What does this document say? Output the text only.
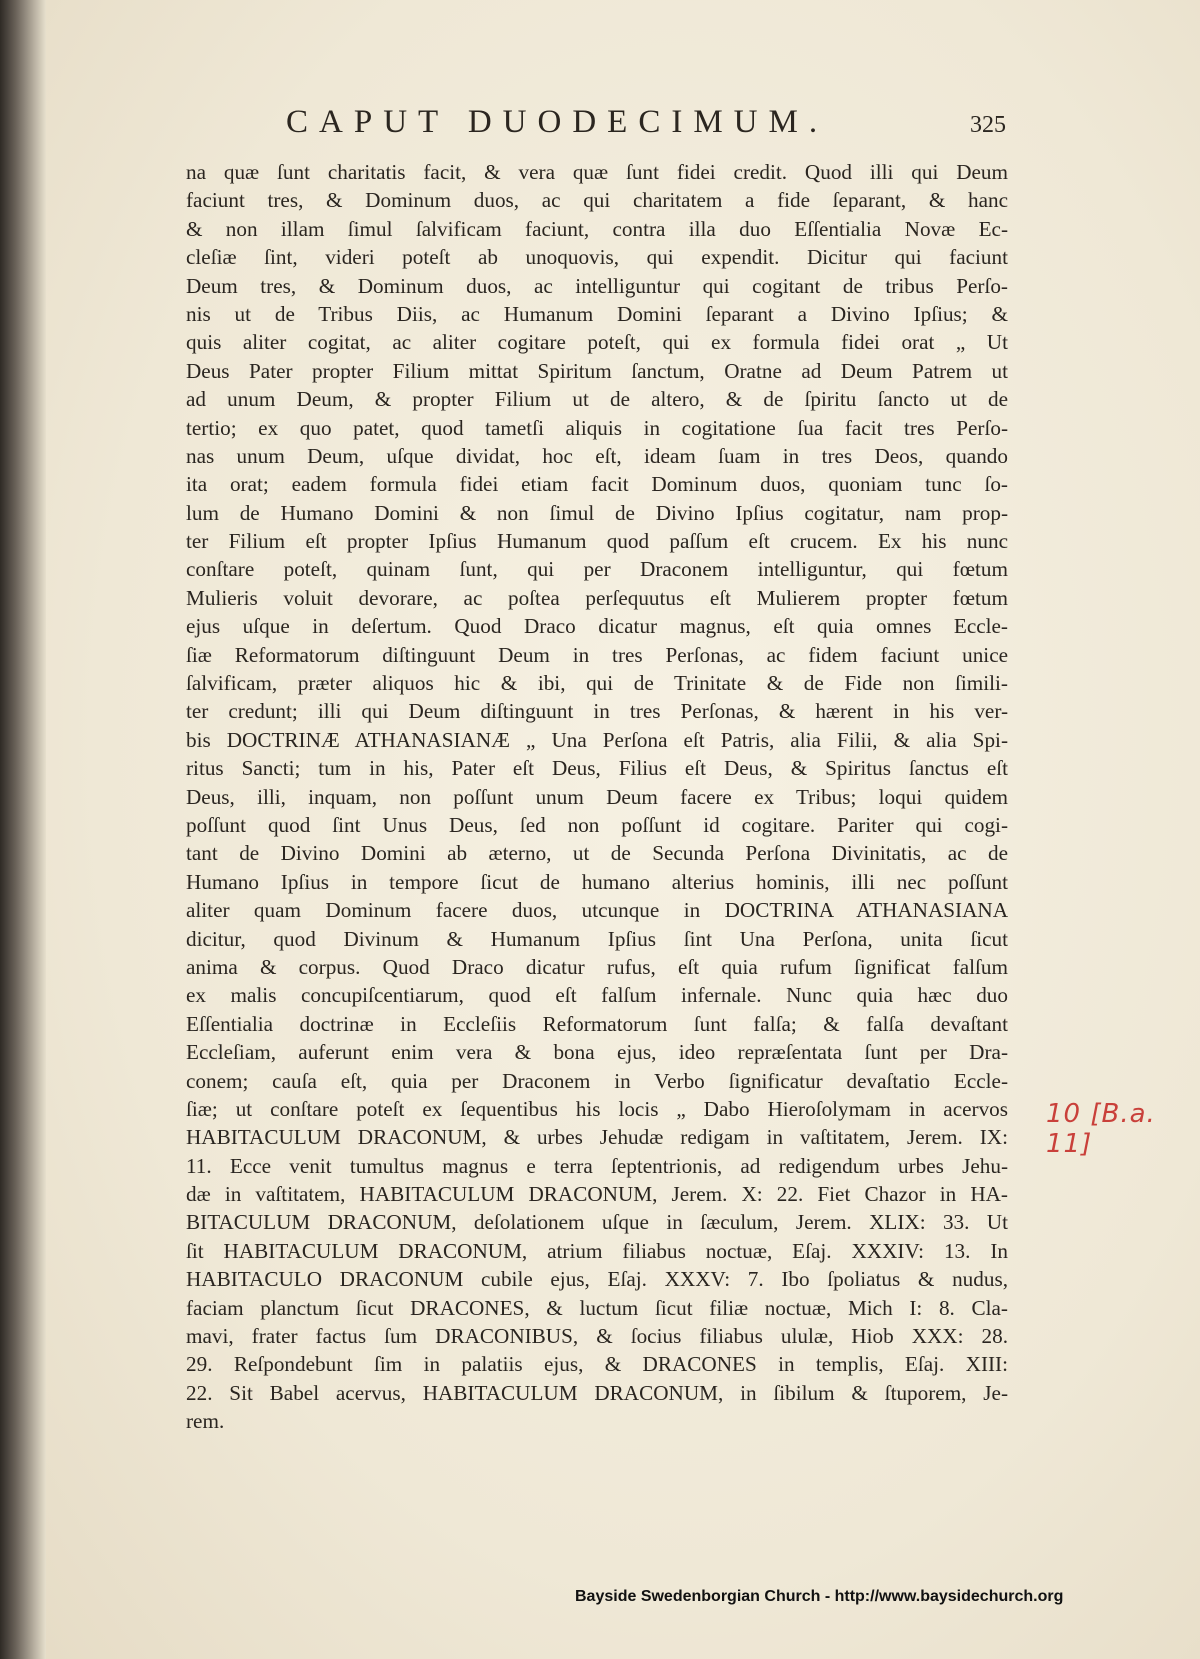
CAPUT DUODECIMUM.	325
na quæ ſunt charitatis facit, & vera quæ ſunt fidei credit. Quod illi qui Deum
faciunt tres, & Dominum duos, ac qui charitatem a fide ſeparant, & hanc
& non illam ſimul ſalvificam faciunt, contra illa duo Eſſentialia Novæ Ec-
cleſiæ ſint, videri poteſt ab unoquovis, qui expendit. Dicitur qui faciunt
Deum tres, & Dominum duos, ac intelliguntur qui cogitant de tribus Perſo-
nis ut de Tribus Diis, ac Humanum Domini ſeparant a Divino Ipſius; &
quis aliter cogitat, ac aliter cogitare poteſt, qui ex formula fidei orat „ Ut
Deus Pater propter Filium mittat Spiritum ſanctum, Oratne ad Deum Patrem ut
ad unum Deum, & propter Filium ut de altero, & de ſpiritu ſancto ut de
tertio; ex quo patet, quod tametſi aliquis in cogitatione ſua facit tres Perſo-
nas unum Deum, uſque dividat, hoc eſt, ideam ſuam in tres Deos, quando
ita orat; eadem formula fidei etiam facit Dominum duos, quoniam tunc ſo-
lum de Humano Domini & non ſimul de Divino Ipſius cogitatur, nam prop-
ter Filium eſt propter Ipſius Humanum quod paſſum eſt crucem. Ex his nunc
conſtare poteſt, quinam ſunt, qui per Draconem intelliguntur, qui fœtum
Mulieris voluit devorare, ac poſtea perſequutus eſt Mulierem propter fœtum
ejus uſque in deſertum. Quod Draco dicatur magnus, eſt quia omnes Eccle-
ſiæ Reformatorum diſtinguunt Deum in tres Perſonas, ac fidem faciunt unice
ſalvificam, præter aliquos hic & ibi, qui de Trinitate & de Fide non ſimili-
ter credunt; illi qui Deum diſtinguunt in tres Perſonas, & hærent in his ver-
bis DOCTRINÆ ATHANASIANÆ „ Una Perſona eſt Patris, alia Filii, & alia Spi-
ritus Sancti; tum in his, Pater eſt Deus, Filius eſt Deus, & Spiritus ſanctus eſt
Deus, illi, inquam, non poſſunt unum Deum facere ex Tribus; loqui quidem
poſſunt quod ſint Unus Deus, ſed non poſſunt id cogitare. Pariter qui cogi-
tant de Divino Domini ab æterno, ut de Secunda Perſona Divinitatis, ac de
Humano Ipſius in tempore ſicut de humano alterius hominis, illi nec poſſunt
aliter quam Dominum facere duos, utcunque in DOCTRINA ATHANASIANA
dicitur, quod Divinum & Humanum Ipſius ſint Una Perſona, unita ſicut
anima & corpus. Quod Draco dicatur rufus, eſt quia rufum ſignificat falſum
ex malis concupiſcentiarum, quod eſt falſum infernale. Nunc quia hæc duo
Eſſentialia doctrinæ in Eccleſiis Reformatorum ſunt falſa; & falſa devaſtant
Eccleſiam, auferunt enim vera & bona ejus, ideo repræſentata ſunt per Dra-
conem; cauſa eſt, quia per Draconem in Verbo ſignificatur devaſtatio Eccle-
ſiæ; ut conſtare poteſt ex ſequentibus his locis „ Dabo Hieroſolymam in acervos
HABITACULUM DRACONUM, & urbes Jehudæ redigam in vaſtitatem, Jerem. IX:
11. Ecce venit tumultus magnus e terra ſeptentrionis, ad redigendum urbes Jehu-
dæ in vaſtitatem, HABITACULUM DRACONUM, Jerem. X: 22. Fiet Chazor in HA-
BITACULUM DRACONUM, deſolationem uſque in ſæculum, Jerem. XLIX: 33. Ut
ſit HABITACULUM DRACONUM, atrium filiabus noctuæ, Eſaj. XXXIV: 13. In
HABITACULO DRACONUM cubile ejus, Eſaj. XXXV: 7. Ibo ſpoliatus & nudus,
faciam planctum ſicut DRACONES, & luctum ſicut filiæ noctuæ, Mich I: 8. Cla-
mavi, frater factus ſum DRACONIBUS, & ſocius filiabus ululæ, Hiob XXX: 28.
29. Reſpondebunt ſim in palatiis ejus, & DRACONES in templis, Eſaj. XIII:
22. Sit Babel acervus, HABITACULUM DRACONUM, in ſibilum & ſtuporem, Je-
rem.
10 [B.a. 11]
Bayside Swedenborgian Church - http://www.baysidechurch.org
